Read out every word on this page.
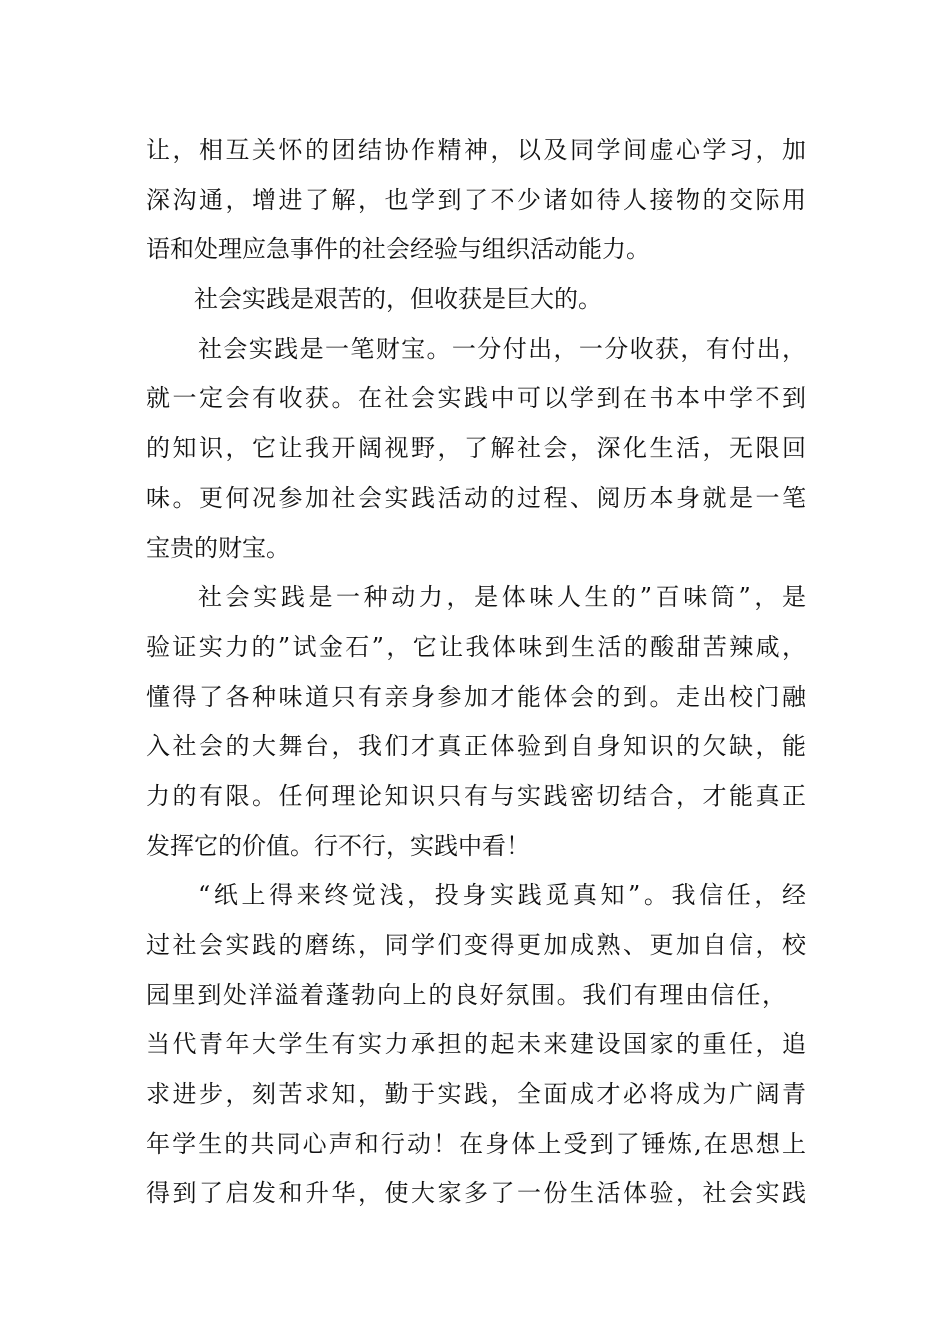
让，相互关怀的团结协作精神，以及同学间虚心学习，加
深沟通，增进了解，也学到了不少诸如待人接物的交际用
语和处理应急事件的社会经验与组织活动能力。
社会实践是艰苦的，但收获是巨大的。
社会实践是一笔财宝。一分付出，一分收获，有付出，
就一定会有收获。在社会实践中可以学到在书本中学不到
的知识，它让我开阔视野，了解社会，深化生活，无限回
味。更何况参加社会实践活动的过程、阅历本身就是一笔
宝贵的财宝。
社会实践是一种动力，是体味人生的”百味筒”，是
验证实力的”试金石”，它让我体味到生活的酸甜苦辣咸，
懂得了各种味道只有亲身参加才能体会的到。走出校门融
入社会的大舞台，我们才真正体验到自身知识的欠缺，能
力的有限。任何理论知识只有与实践密切结合，才能真正
发挥它的价值。行不行，实践中看！
“纸上得来终觉浅，投身实践觅真知”。我信任，经
过社会实践的磨练，同学们变得更加成熟、更加自信，校
园里到处洋溢着蓬勃向上的良好氛围。我们有理由信任，
当代青年大学生有实力承担的起未来建设国家的重任，追
求进步，刻苦求知，勤于实践，全面成才必将成为广阔青
年学生的共同心声和行动！在身体上受到了锤炼,在思想上
得到了启发和升华，使大家多了一份生活体验，社会实践
